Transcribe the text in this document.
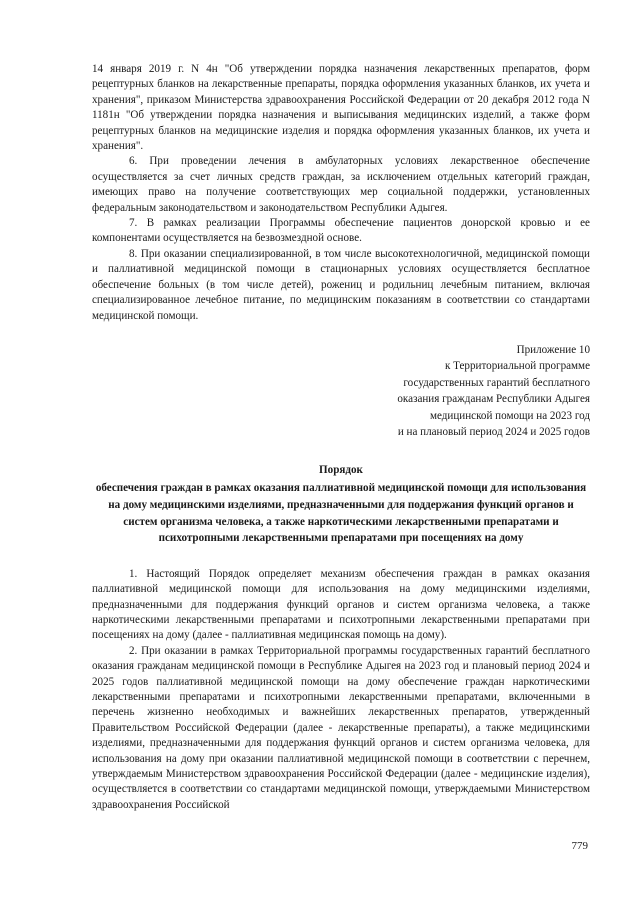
14 января 2019 г. N 4н "Об утверждении порядка назначения лекарственных препаратов, форм рецептурных бланков на лекарственные препараты, порядка оформления указанных бланков, их учета и хранения", приказом Министерства здравоохранения Российской Федерации от 20 декабря 2012 года N 1181н "Об утверждении порядка назначения и выписывания медицинских изделий, а также форм рецептурных бланков на медицинские изделия и порядка оформления указанных бланков, их учета и хранения".

6. При проведении лечения в амбулаторных условиях лекарственное обеспечение осуществляется за счет личных средств граждан, за исключением отдельных категорий граждан, имеющих право на получение соответствующих мер социальной поддержки, установленных федеральным законодательством и законодательством Республики Адыгея.

7. В рамках реализации Программы обеспечение пациентов донорской кровью и ее компонентами осуществляется на безвозмездной основе.

8. При оказании специализированной, в том числе высокотехнологичной, медицинской помощи и паллиативной медицинской помощи в стационарных условиях осуществляется бесплатное обеспечение больных (в том числе детей), рожениц и родильниц лечебным питанием, включая специализированное лечебное питание, по медицинским показаниям в соответствии со стандартами медицинской помощи.

Приложение 10
к Территориальной программе
государственных гарантий бесплатного
оказания гражданам Республики Адыгея
медицинской помощи на 2023 год
и на плановый период 2024 и 2025 годов
Порядок
обеспечения граждан в рамках оказания паллиативной медицинской помощи для использования на дому медицинскими изделиями, предназначенными для поддержания функций органов и систем организма человека, а также наркотическими лекарственными препаратами и психотропными лекарственными препаратами при посещениях на дому

1. Настоящий Порядок определяет механизм обеспечения граждан в рамках оказания паллиативной медицинской помощи для использования на дому медицинскими изделиями, предназначенными для поддержания функций органов и систем организма человека, а также наркотическими лекарственными препаратами и психотропными лекарственными препаратами при посещениях на дому (далее - паллиативная медицинская помощь на дому).

2. При оказании в рамках Территориальной программы государственных гарантий бесплатного оказания гражданам медицинской помощи в Республике Адыгея на 2023 год и плановый период 2024 и 2025 годов паллиативной медицинской помощи на дому обеспечение граждан наркотическими лекарственными препаратами и психотропными лекарственными препаратами, включенными в перечень жизненно необходимых и важнейших лекарственных препаратов, утвержденный Правительством Российской Федерации (далее - лекарственные препараты), а также медицинскими изделиями, предназначенными для поддержания функций органов и систем организма человека, для использования на дому при оказании паллиативной медицинской помощи в соответствии с перечнем, утверждаемым Министерством здравоохранения Российской Федерации (далее - медицинские изделия), осуществляется в соответствии со стандартами медицинской помощи, утверждаемыми Министерством здравоохранения Российской

779
